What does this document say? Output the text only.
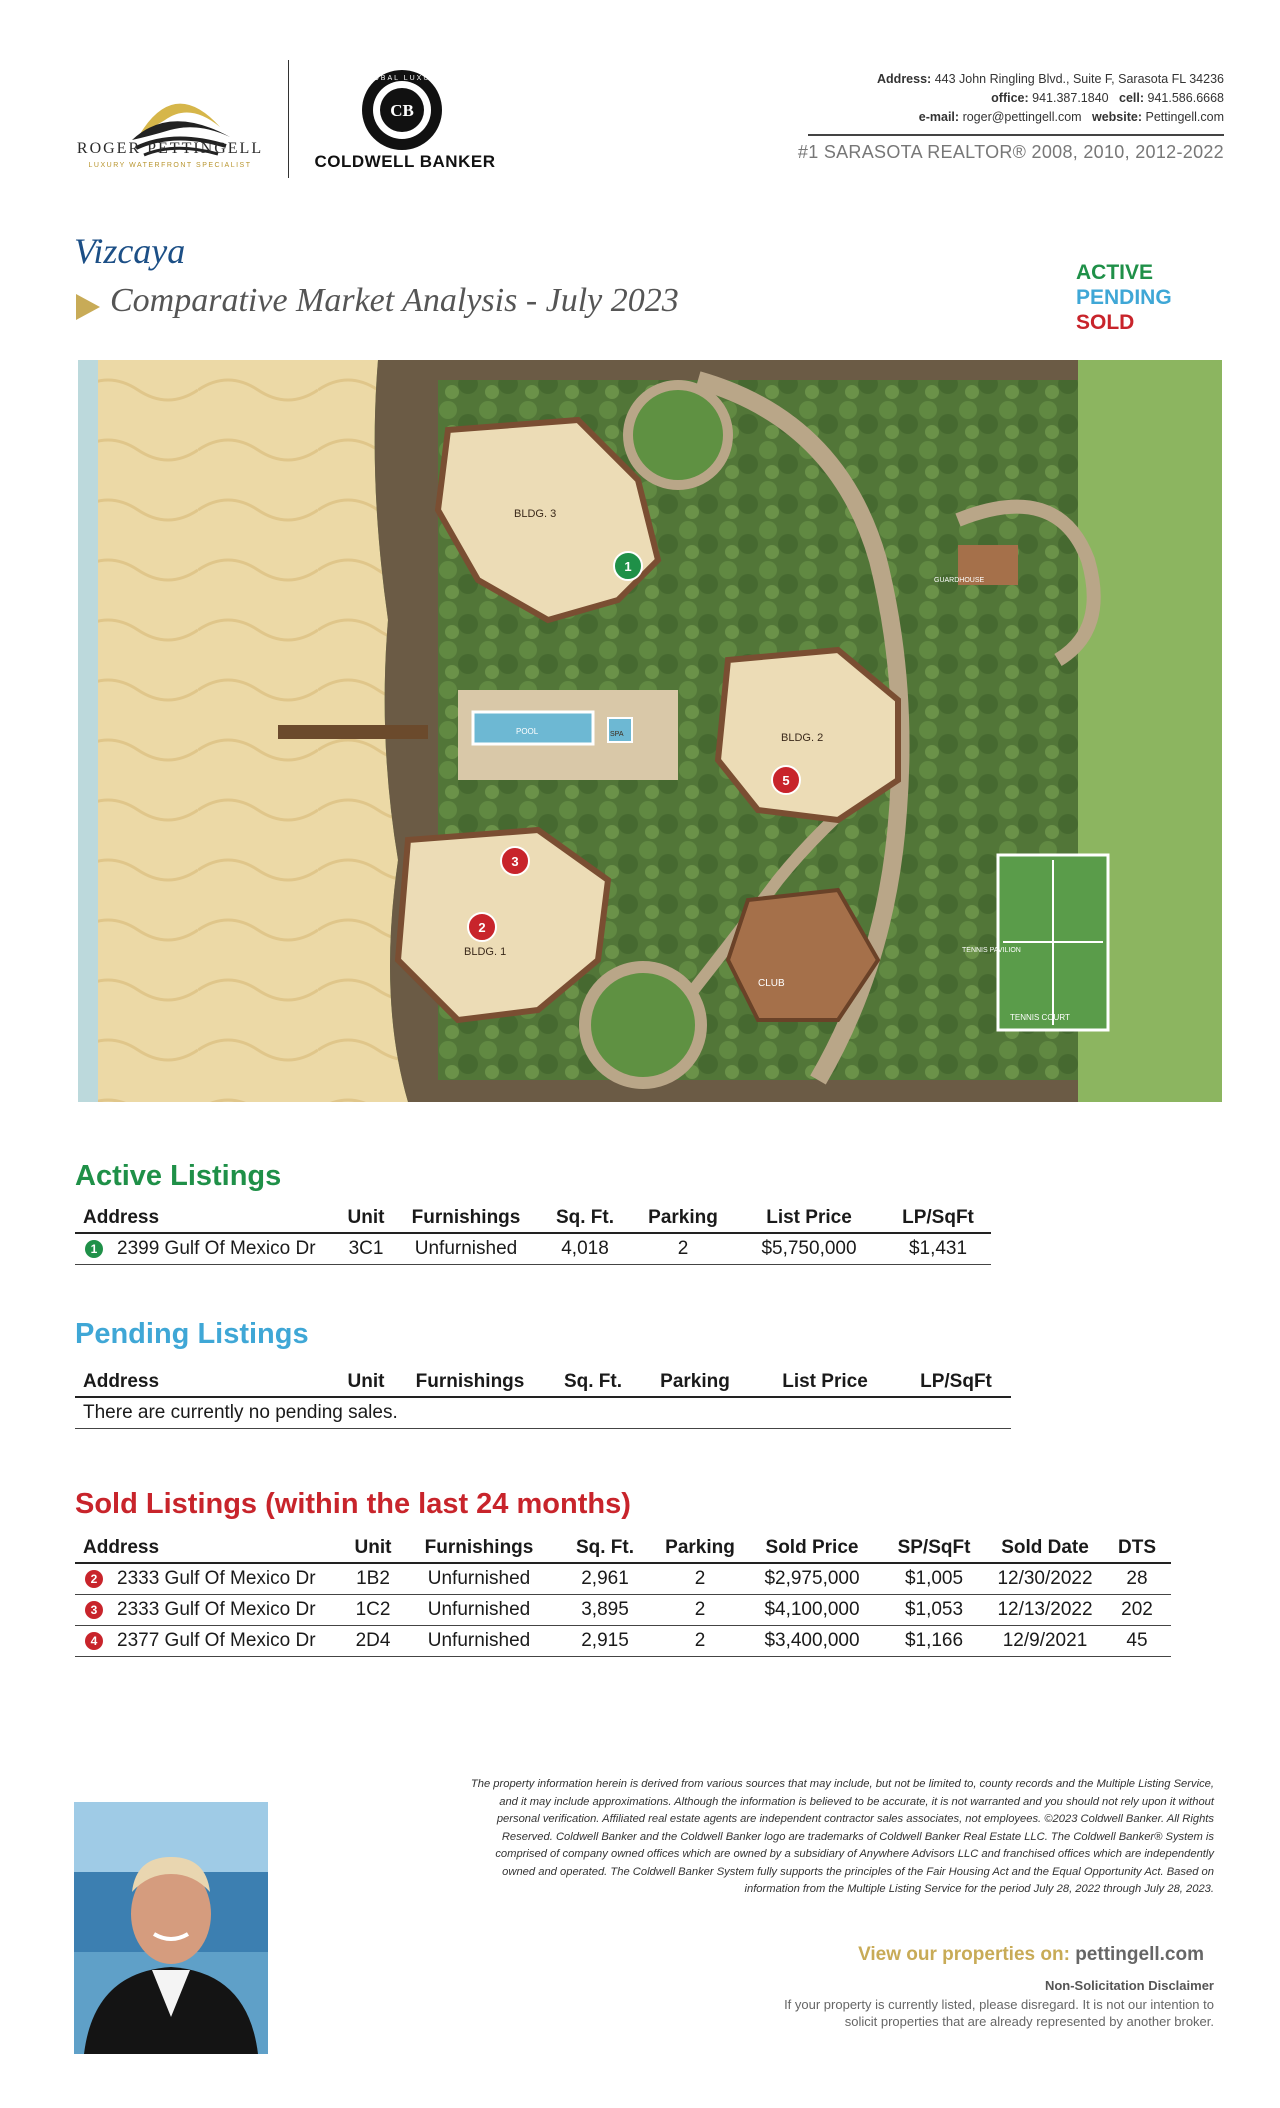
ROGER PETTINGELL
LUXURY WATERFRONT SPECIALIST
CB
GLOBAL LUXURY
COLDWELL BANKER
Address: 443 John Ringling Blvd., Suite F, Sarasota FL 34236
office: 941.387.1840 cell: 941.586.6668
e-mail: roger@pettingell.com website: Pettingell.com
#1 SARASOTA REALTOR® 2008, 2010, 2012-2022
Vizcaya
Comparative Market Analysis - July 2023
ACTIVE
PENDING
SOLD
BLDG. 3
BLDG. 2
BLDG. 1
POOL	SPA
CLUB
GUARDHOUSE
TENNIS PAVILION
TENNIS COURT
1
2
3
5
Active Listings
Address	Unit	Furnishings	Sq. Ft.	Parking	List Price	LP/SqFt
1 2399 Gulf Of Mexico Dr	3C1	Unfurnished	4,018	2	$5,750,000	$1,431
Pending Listings
Address	Unit	Furnishings	Sq. Ft.	Parking	List Price	LP/SqFt
There are currently no pending sales.
Sold Listings (within the last 24 months)
Address	Unit	Furnishings	Sq. Ft.	Parking	Sold Price	SP/SqFt	Sold Date	DTS
2 2333 Gulf Of Mexico Dr	1B2	Unfurnished	2,961	2	$2,975,000	$1,005	12/30/2022	28
3 2333 Gulf Of Mexico Dr	1C2	Unfurnished	3,895	2	$4,100,000	$1,053	12/13/2022	202
4 2377 Gulf Of Mexico Dr	2D4	Unfurnished	2,915	2	$3,400,000	$1,166	12/9/2021	45
The property information herein is derived from various sources that may include, but not be limited to, county records and the Multiple Listing Service, and it may include approximations. Although the information is believed to be accurate, it is not warranted and you should not rely upon it without personal verification. Affiliated real estate agents are independent contractor sales associates, not employees. ©2023 Coldwell Banker. All Rights Reserved. Coldwell Banker and the Coldwell Banker logo are trademarks of Coldwell Banker Real Estate LLC. The Coldwell Banker® System is comprised of company owned offices which are owned by a subsidiary of Anywhere Advisors LLC and franchised offices which are independently owned and operated. The Coldwell Banker System fully supports the principles of the Fair Housing Act and the Equal Opportunity Act. Based on information from the Multiple Listing Service for the period July 28, 2022 through July 28, 2023.
View our properties on: pettingell.com
Non-Solicitation Disclaimer
If your property is currently listed, please disregard. It is not our intention to solicit properties that are already represented by another broker.
